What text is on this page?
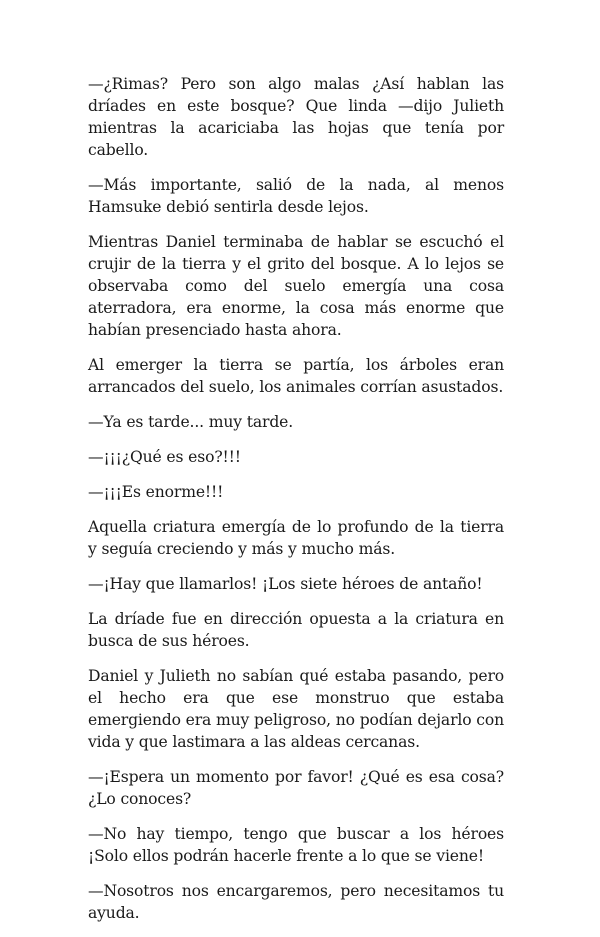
—¿Rimas? Pero son algo malas ¿Así hablan las dríades en este bosque? Que linda —dijo Julieth mientras la acariciaba las hojas que tenía por cabello.

—Más importante, salió de la nada, al menos Hamsuke debió sentirla desde lejos.

Mientras Daniel terminaba de hablar se escuchó el crujir de la tierra y el grito del bosque. A lo lejos se observaba como del suelo emergía una cosa aterradora, era enorme, la cosa más enorme que habían presenciado hasta ahora.

Al emerger la tierra se partía, los árboles eran arrancados del suelo, los animales corrían asustados.

—Ya es tarde... muy tarde.

—¡¡¡¿Qué es eso?!!!

—¡¡¡Es enorme!!!

Aquella criatura emergía de lo profundo de la tierra y seguía creciendo y más y mucho más.

—¡Hay que llamarlos! ¡Los siete héroes de antaño!

La dríade fue en dirección opuesta a la criatura en busca de sus héroes.

Daniel y Julieth no sabían qué estaba pasando, pero el hecho era que ese monstruo que estaba emergiendo era muy peligroso, no podían dejarlo con vida y que lastimara a las aldeas cercanas.

—¡Espera un momento por favor! ¿Qué es esa cosa? ¿Lo conoces?

—No hay tiempo, tengo que buscar a los héroes ¡Solo ellos podrán hacerle frente a lo que se viene!

—Nosotros nos encargaremos, pero necesitamos tu ayuda.
